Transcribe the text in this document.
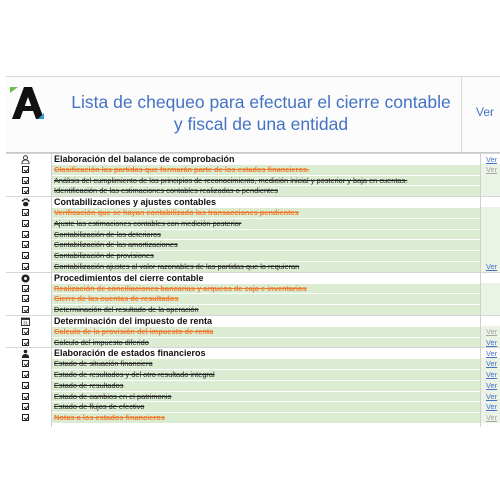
Lista de chequeo para efectuar el cierre contable
y fiscal de una entidad
Ver
Elaboración del balance de comprobación	Ver
Clasificación las partidas que formarán parte de los estados financieros.	Ver
Análisis del cumplimiento de los principios de reconocimiento, medición inicial y posterior y baja en cuentas.
Identificación de las estimaciones contables realizadas o pendientes
Contabilizaciones y ajustes contables
Verificación que se hayan contabilizado las transacciones pendientes
Ajuste las estimaciones contables con medición posterior
Contabilización de los deterioros
Contabilización de las amortizaciones
Contabilización de provisiones
Contabilización ajustes al valor razonables de las partidas que lo requieran	Ver
Procedimientos del cierre contable
Realización de conciliaciones bancarias y arqueos de caja e inventarios
Cierre de las cuentas de resultados
Determinación del resultado de la operación
31	Determinación del impuesto de renta
Calculo de la provisión del impuesto de renta	Ver
Calculo del impuesto diferido	Ver
Elaboración de estados financieros	Ver
Estado de situación financiera	Ver
Estado de resultados y del otro resultado integral	Ver
Estado de resultados	Ver
Estado de cambios en el patrimonio	Ver
Estado de flujos de efectivo	Ver
Notas a los estados financieros	Ver
